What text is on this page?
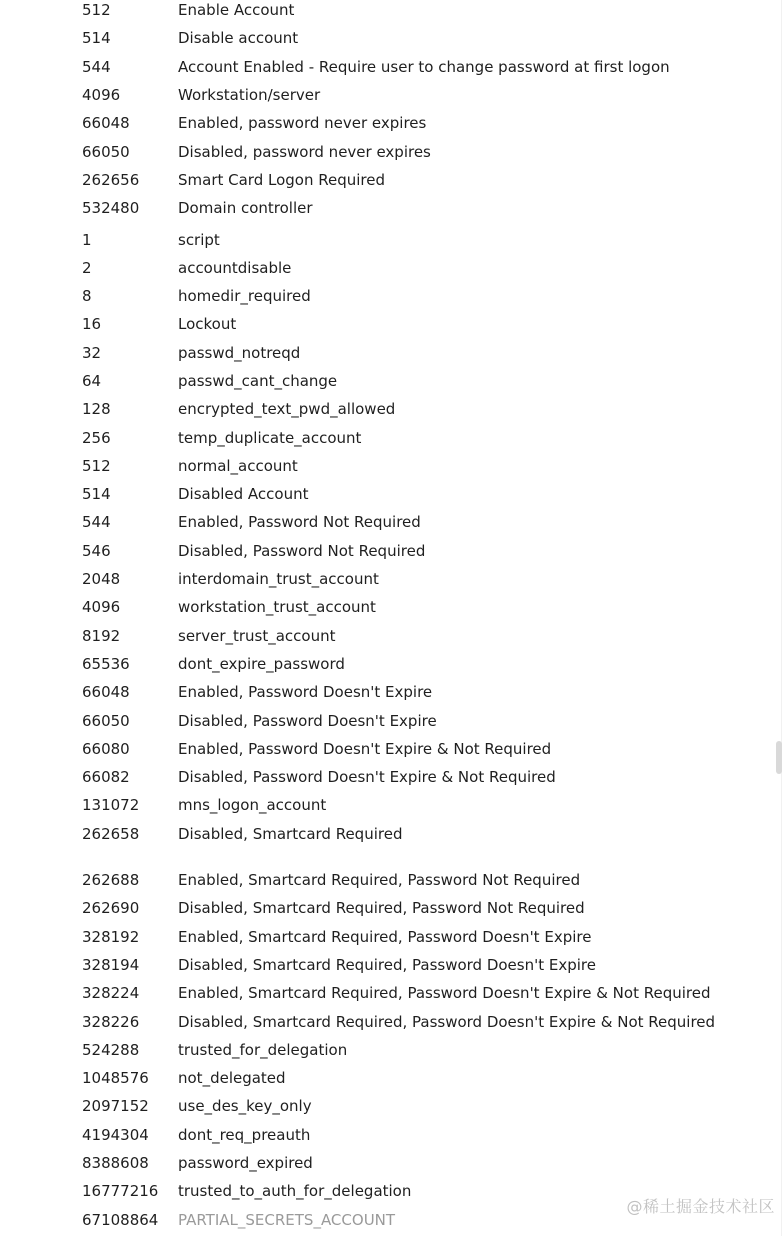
512	Enable Account
514	Disable account
544	Account Enabled - Require user to change password at first logon
4096	Workstation/server
66048	Enabled, password never expires
66050	Disabled, password never expires
262656	Smart Card Logon Required
532480	Domain controller
1	script
2	accountdisable
8	homedir_required
16	Lockout
32	passwd_notreqd
64	passwd_cant_change
128	encrypted_text_pwd_allowed
256	temp_duplicate_account
512	normal_account
514	Disabled Account
544	Enabled, Password Not Required
546	Disabled, Password Not Required
2048	interdomain_trust_account
4096	workstation_trust_account
8192	server_trust_account
65536	dont_expire_password
66048	Enabled, Password Doesn't Expire
66050	Disabled, Password Doesn't Expire
66080	Enabled, Password Doesn't Expire & Not Required
66082	Disabled, Password Doesn't Expire & Not Required
131072	mns_logon_account
262658	Disabled, Smartcard Required
262688	Enabled, Smartcard Required, Password Not Required
262690	Disabled, Smartcard Required, Password Not Required
328192	Enabled, Smartcard Required, Password Doesn't Expire
328194	Disabled, Smartcard Required, Password Doesn't Expire
328224	Enabled, Smartcard Required, Password Doesn't Expire & Not Required
328226	Disabled, Smartcard Required, Password Doesn't Expire & Not Required
524288	trusted_for_delegation
1048576	not_delegated
2097152	use_des_key_only
4194304	dont_req_preauth
8388608	password_expired
16777216	trusted_to_auth_for_delegation
67108864	PARTIAL_SECRETS_ACCOUNT
@稀土掘金技术社区
